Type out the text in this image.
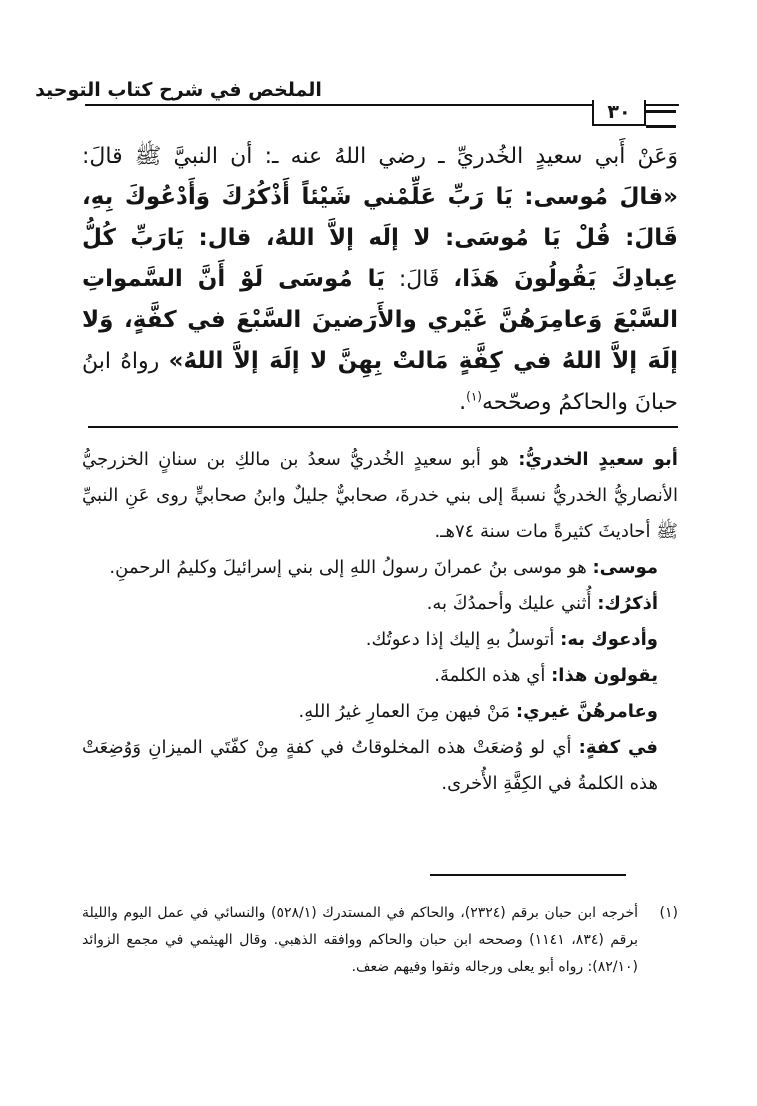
الملخص في شرح كتاب التوحيد
٣٠
وَعَنْ أَبي سعيدٍ الخُدريِّ ـ رضي اللهُ عنه ـ: أن النبيَّ ﷺ قالَ: «قالَ مُوسى: يَا رَبِّ عَلِّمْني شَيْئاً أَذْكُرُكَ وَأَدْعُوكَ بِهِ، قَالَ: قُلْ يَا مُوسَى: لا إلَه إلاَّ اللهُ، قال: يَارَبِّ كُلُّ عِبادِكَ يَقُولُونَ هَذَا، قَالَ: يَا مُوسَى لَوْ أَنَّ السَّمواتِ السَّبْعَ وَعامِرَهُنَّ غَيْري والأَرَضينَ السَّبْعَ في كفَّةٍ، وَلا إلَهَ إلاَّ اللهُ في كِفَّةٍ مَالتْ بِهِنَّ لا إلَهَ إلاَّ اللهُ» رواهُ ابنُ حبانَ والحاكمُ وصحّحه$^{(١)}$.

أبو سعيدٍ الخدريُّ: هو أبو سعيدٍ الخُدريُّ سعدُ بن مالكِ بن سنانٍ الخزرجيُّ الأنصاريُّ الخدريُّ نسبةً إلى بني خدرةَ، صحابيٌّ جليلٌ وابنُ صحابيٍّ روى عَنِ النبيِّ ﷺ أحاديثَ كثيرةً مات سنة ٧٤هـ.

موسى: هو موسى بنُ عمرانَ رسولُ اللهِ إلى بني إسرائيلَ وكليمُ الرحمنِ.

أذكرُك: أُثني عليك وأحمدُكَ به.

وأدعوك به: أتوسلُ بهِ إليك إذا دعوتُك.

يقولون هذا: أي هذه الكلمةَ.

وعامرهُنَّ غيري: مَنْ فيهن مِنَ العمارِ غيرُ اللهِ.

في كفةٍ: أي لو وُضعَتْ هذه المخلوقاتُ في كفةٍ مِنْ كفّتَي الميزانِ وَوُضِعَتْ هذه الكلمةُ في الكِفَّةِ الأُخرى.

(١)
أخرجه ابن حبان برقم (٢٣٢٤)، والحاكم في المستدرك (٥٢٨/١) والنسائي في عمل اليوم والليلة برقم (٨٣٤، ١١٤١) وصححه ابن حبان والحاكم ووافقه الذهبي. وقال الهيثمي في مجمع الزوائد (٨٢/١٠): رواه أبو يعلى ورجاله وثقوا وفيهم ضعف.
